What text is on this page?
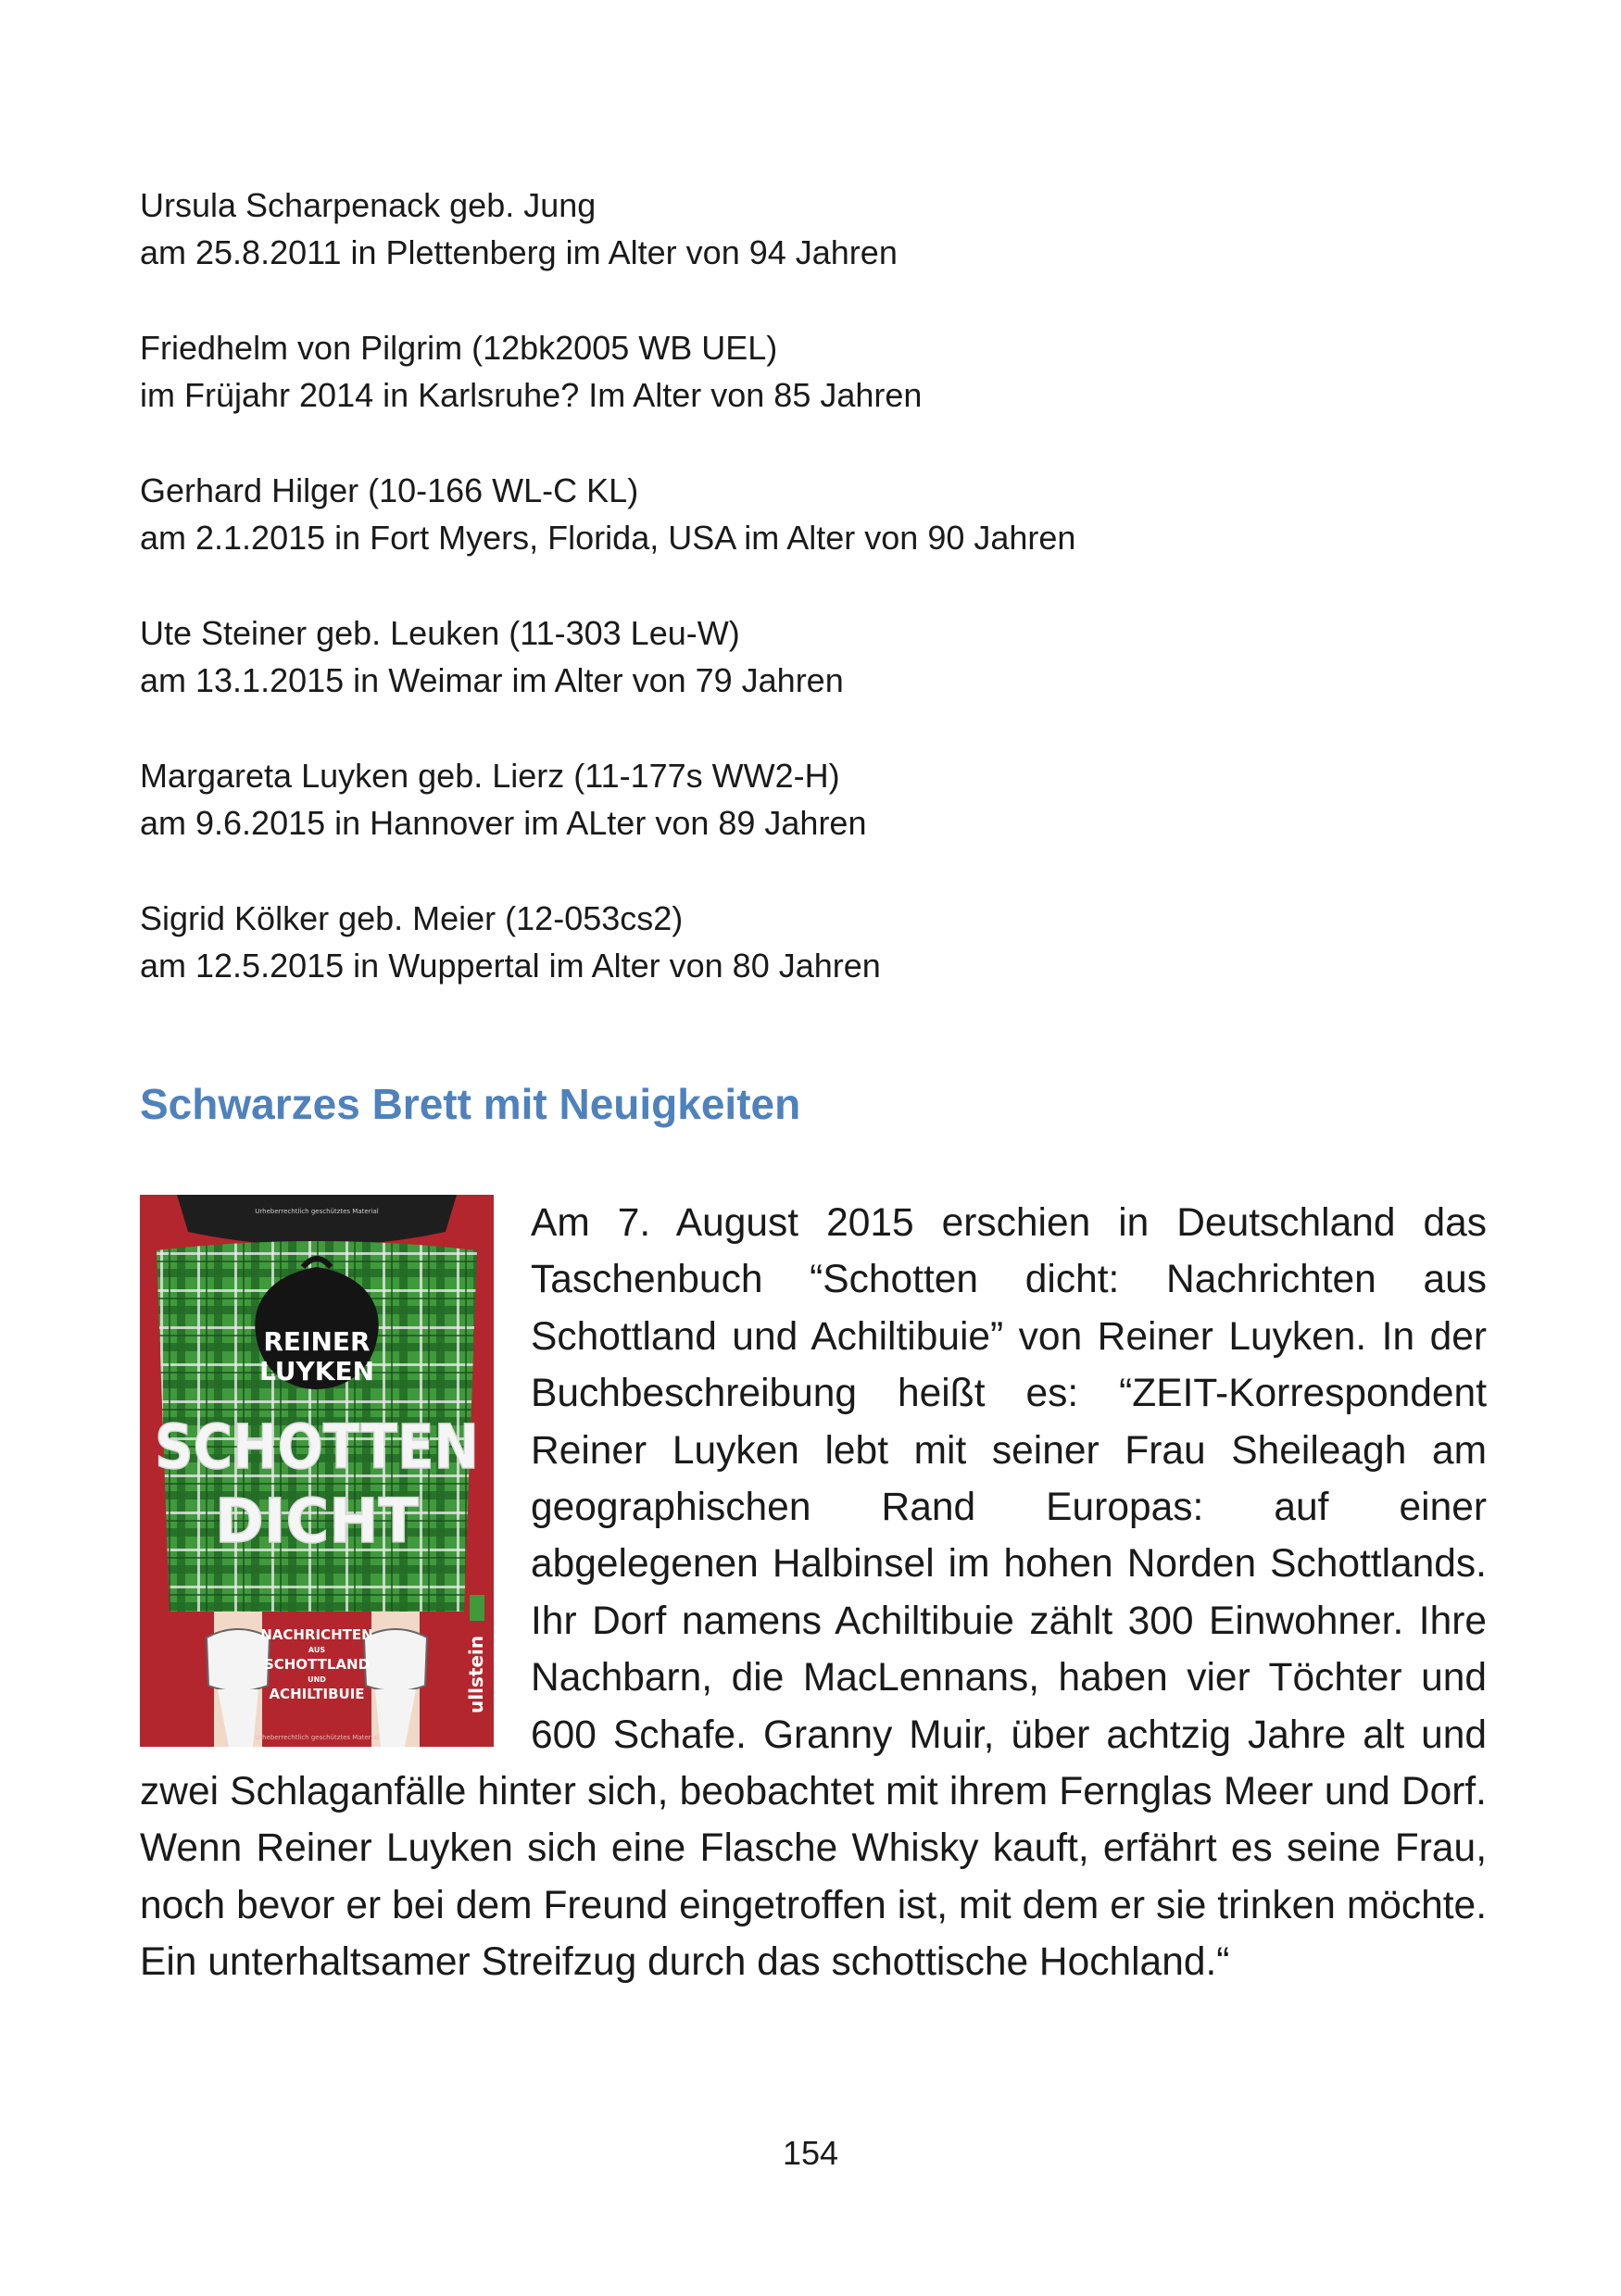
Ursula Scharpenack geb. Jung

am 25.8.2011 in Plettenberg im Alter von 94 Jahren

Friedhelm von Pilgrim (12bk2005 WB UEL)

im Früjahr 2014 in Karlsruhe? Im Alter von 85 Jahren

Gerhard Hilger (10-166 WL-C KL)

am 2.1.2015 in Fort Myers, Florida, USA im Alter von 90 Jahren

Ute Steiner geb. Leuken (11-303 Leu-W)

am 13.1.2015 in Weimar im Alter von 79 Jahren

Margareta Luyken geb. Lierz (11-177s WW2-H)

am 9.6.2015 in Hannover im ALter von 89 Jahren

Sigrid Kölker geb. Meier (12-053cs2)

am 12.5.2015 in Wuppertal im Alter von 80 Jahren

Schwarzes Brett mit Neuigkeiten
Urheberrechtlich geschütztes Material
REINER
LUYKEN
SCHOTTEN
DICHT
NACHRICHTEN
AUS
SCHOTTLAND
UND
ACHILTIBUIE	ullstein
Urheberrechtlich geschütztes Material
Am 7. August 2015 erschien in Deutschland das Taschenbuch “Schotten dicht: Nachrichten aus Schottland und Achiltibuie” von Reiner Luyken. In der Buchbeschreibung heißt es: “ZEIT-Korrespondent Reiner Luyken lebt mit seiner Frau Sheileagh am geographischen Rand Europas: auf einer abgelegenen Halbinsel im hohen Norden Schottlands. Ihr Dorf namens Achiltibuie zählt 300 Einwohner. Ihre Nachbarn, die MacLennans, haben vier Töchter und 600 Schafe. Granny Muir, über achtzig Jahre alt und zwei Schlaganfälle hinter sich, beobachtet mit ihrem Fernglas Meer und Dorf. Wenn Reiner Luyken sich eine Flasche Whisky kauft, erfährt es seine Frau, noch bevor er bei dem Freund eingetroffen ist, mit dem er sie trinken möchte. Ein unterhaltsamer Streifzug durch das schottische Hochland.“

154
